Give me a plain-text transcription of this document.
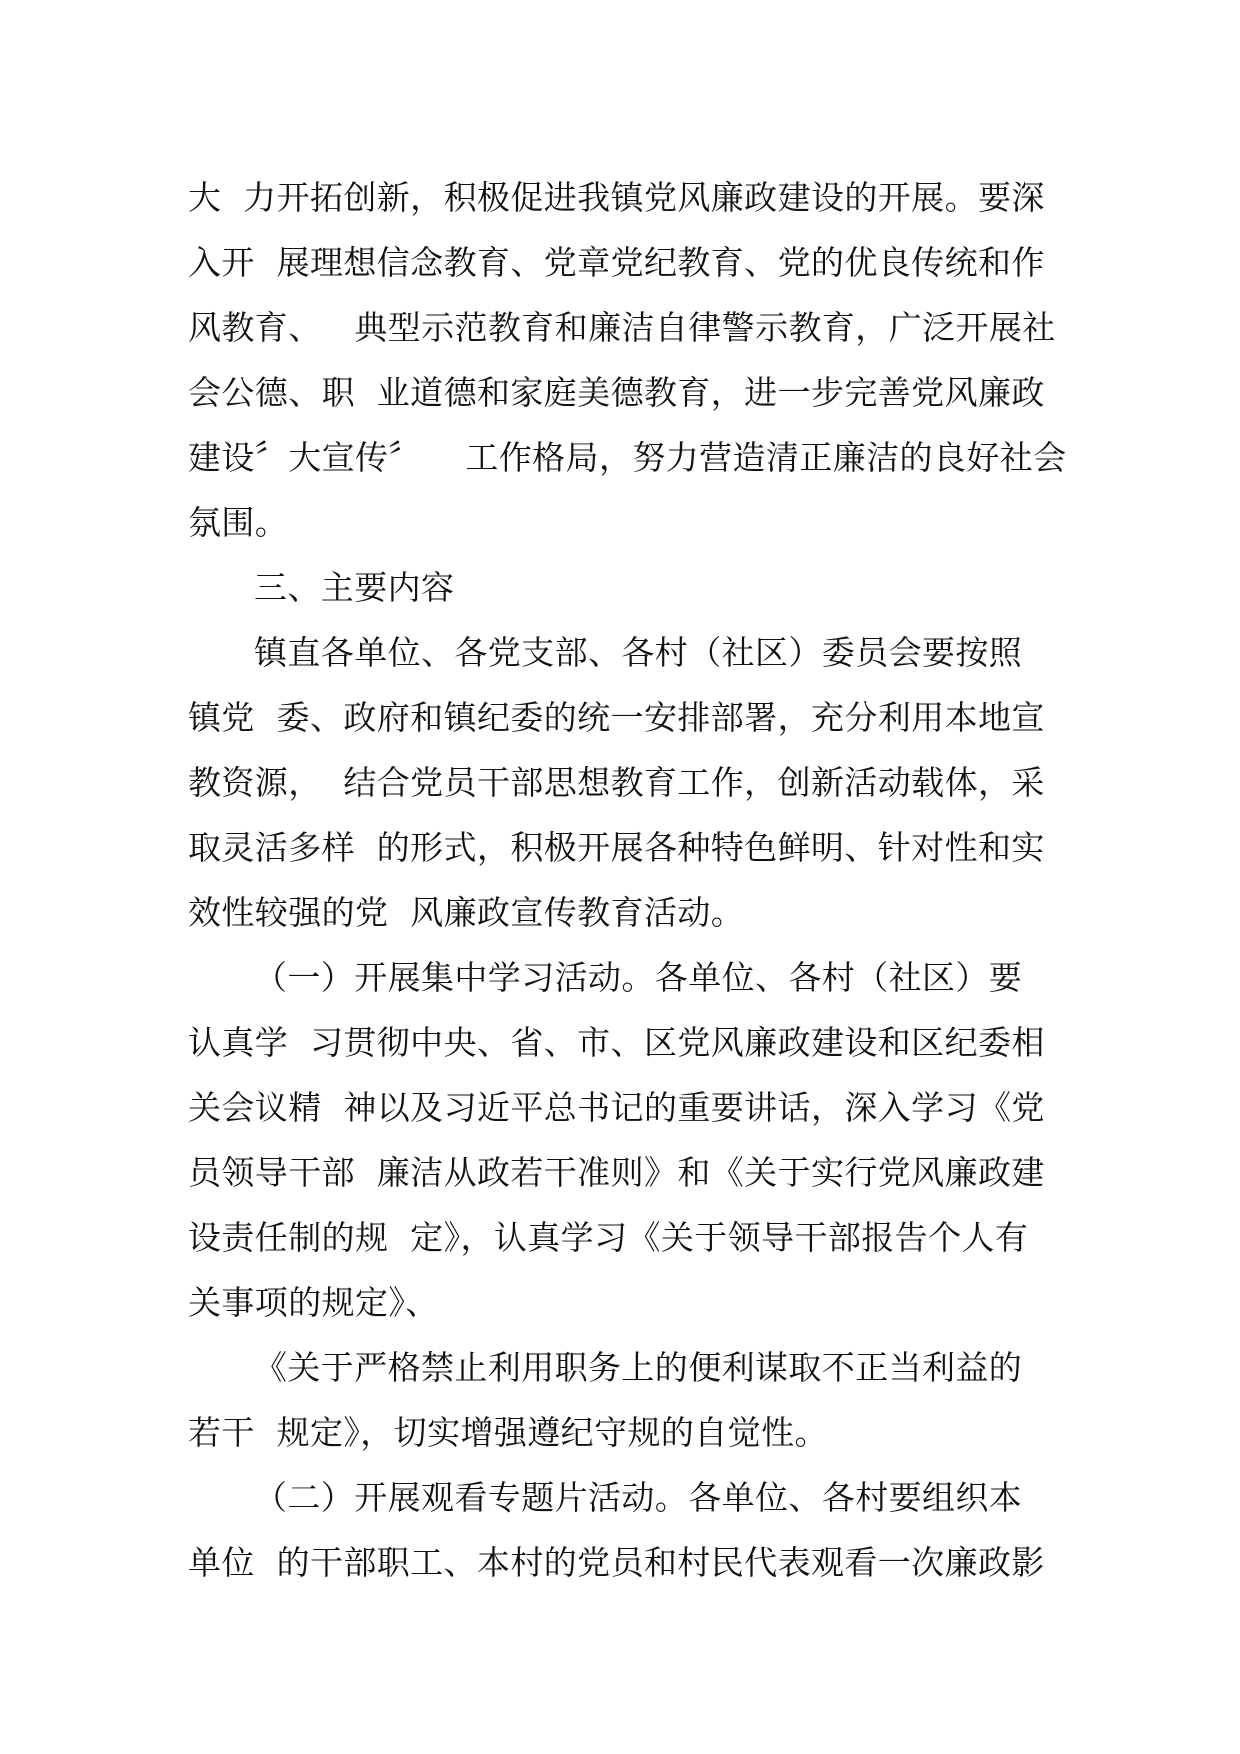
大  力开拓创新，积极促进我镇党风廉政建设的开展。要深
入开  展理想信念教育、党章党纪教育、党的优良传统和作
风教育、   典型示范教育和廉洁自律警示教育，广泛开展社
会公德、职  业道德和家庭美德教育，进一步完善党风廉政
建设〞大宣传〞    工作格局，努力营造清正廉洁的良好社会
氛围。
三、主要内容
镇直各单位、各党支部、各村（社区）委员会要按照
镇党  委、政府和镇纪委的统一安排部署，充分利用本地宣
教资源，  结合党员干部思想教育工作，创新活动载体，采
取灵活多样  的形式，积极开展各种特色鲜明、针对性和实
效性较强的党  风廉政宣传教育活动。
（一）开展集中学习活动。各单位、各村（社区）要
认真学  习贯彻中央、省、市、区党风廉政建设和区纪委相
关会议精  神以及习近平总书记的重要讲话，深入学习《党
员领导干部  廉洁从政若干准则》和《关于实行党风廉政建
设责任制的规  定》，认真学习《关于领导干部报告个人有
关事项的规定》、
《关于严格禁止利用职务上的便利谋取不正当利益的
若干  规定》，切实增强遵纪守规的自觉性。
（二）开展观看专题片活动。各单位、各村要组织本
单位  的干部职工、本村的党员和村民代表观看一次廉政影
